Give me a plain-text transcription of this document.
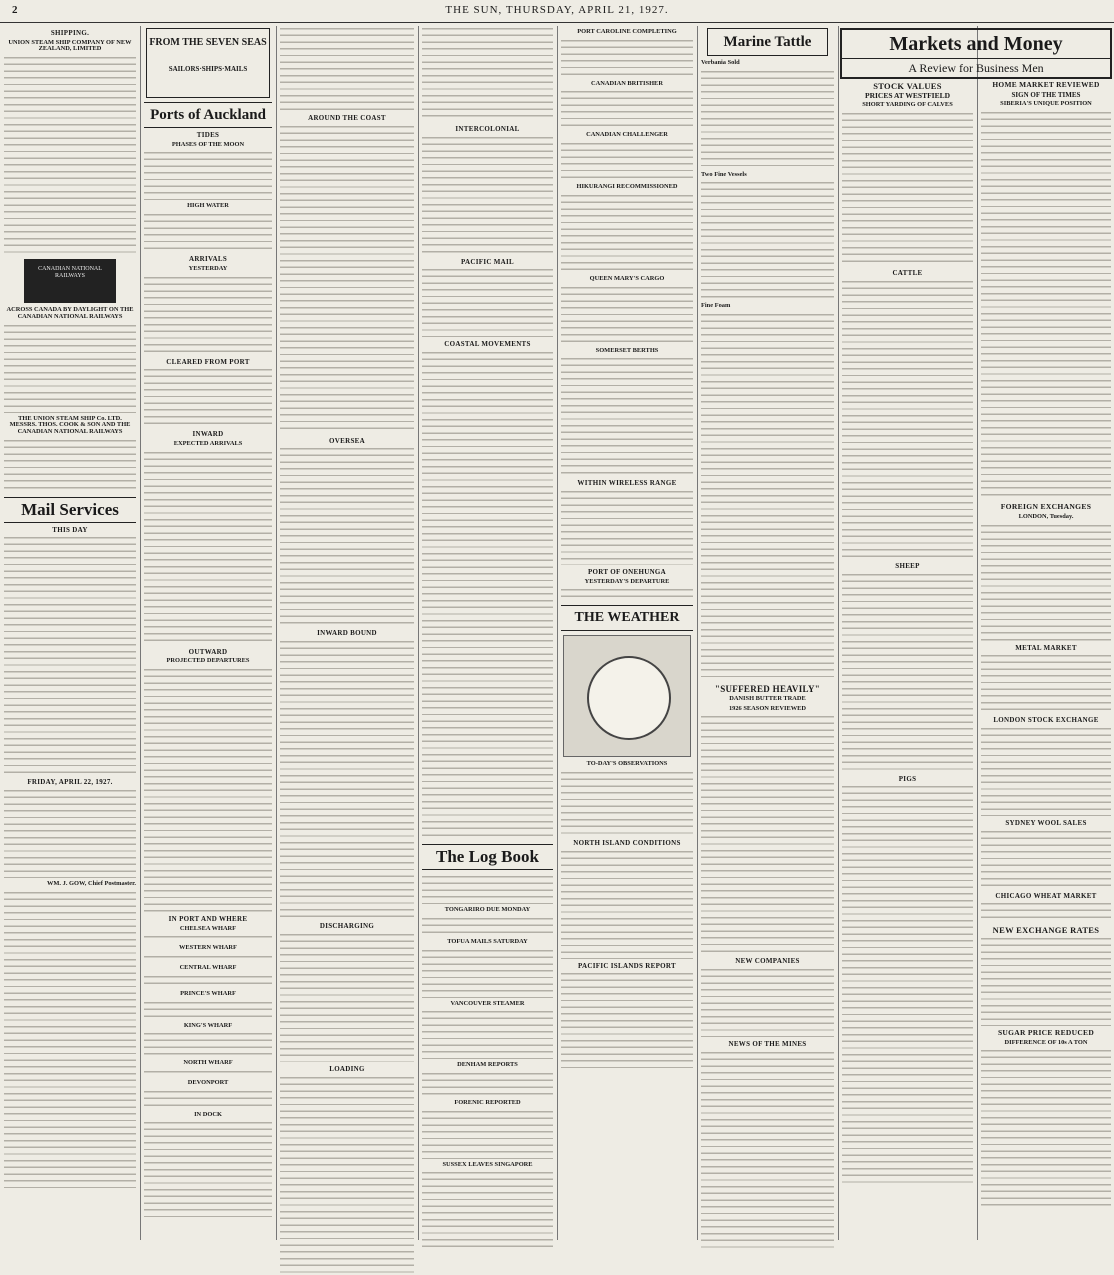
2	THE SUN, THURSDAY, APRIL 21, 1927.
SHIPPING.
UNION STEAM SHIP COMPANY OF NEW ZEALAND, LIMITED
CANADIAN NATIONAL RAILWAYS
ACROSS CANADA BY DAYLIGHT ON THE CANADIAN NATIONAL RAILWAYS
THE UNION STEAM SHIP Co. LTD. MESSRS. THOS. COOK & SON AND THE CANADIAN NATIONAL RAILWAYS
Mail Services
THIS DAY
FRIDAY, APRIL 22, 1927.
WM. J. GOW, Chief Postmaster.
FROM THE SEVEN SEAS
SAILORS·SHIPS·MAILS
Ports of Auckland
TIDES
PHASES OF THE MOON
HIGH WATER
ARRIVALS
YESTERDAY
CLEARED FROM PORT
INWARD
EXPECTED ARRIVALS
OUTWARD
PROJECTED DEPARTURES
IN PORT AND WHERE
CHELSEA WHARF
WESTERN WHARF
CENTRAL WHARF
PRINCE'S WHARF
KING'S WHARF
NORTH WHARF
DEVONPORT
IN DOCK
AROUND THE COAST
OVERSEA
INWARD BOUND
DISCHARGING
LOADING
INTERCOLONIAL
PACIFIC MAIL
COASTAL MOVEMENTS
The Log Book
TONGARIRO DUE MONDAY
TOFUA MAILS SATURDAY
VANCOUVER STEAMER
DENHAM REPORTS
FORENIC REPORTED
SUSSEX LEAVES SINGAPORE
PORT CAROLINE COMPLETING
CANADIAN BRITISHER
CANADIAN CHALLENGER
HIKURANGI RECOMMISSIONED
QUEEN MARY'S CARGO
SOMERSET BERTHS
WITHIN WIRELESS RANGE
PORT OF ONEHUNGA
YESTERDAY'S DEPARTURE
THE WEATHER
TO-DAY'S OBSERVATIONS
NORTH ISLAND CONDITIONS
PACIFIC ISLANDS REPORT
Marine Tattle
Verbania Sold
Two Fine Vessels
Fine Foam
"SUFFERED HEAVILY"
DANISH BUTTER TRADE
1926 SEASON REVIEWED
NEW COMPANIES
NEWS OF THE MINES
Markets and Money
A Review for Business Men
STOCK VALUES
PRICES AT WESTFIELD
SHORT YARDING OF CALVES
CATTLE
SHEEP
PIGS
HOME MARKET REVIEWED
SIGN OF THE TIMES
SIBERIA'S UNIQUE POSITION
FOREIGN EXCHANGES
LONDON, Tuesday.
METAL MARKET
LONDON STOCK EXCHANGE
SYDNEY WOOL SALES
CHICAGO WHEAT MARKET
NEW EXCHANGE RATES
SUGAR PRICE REDUCED
DIFFERENCE OF 10s A TON
